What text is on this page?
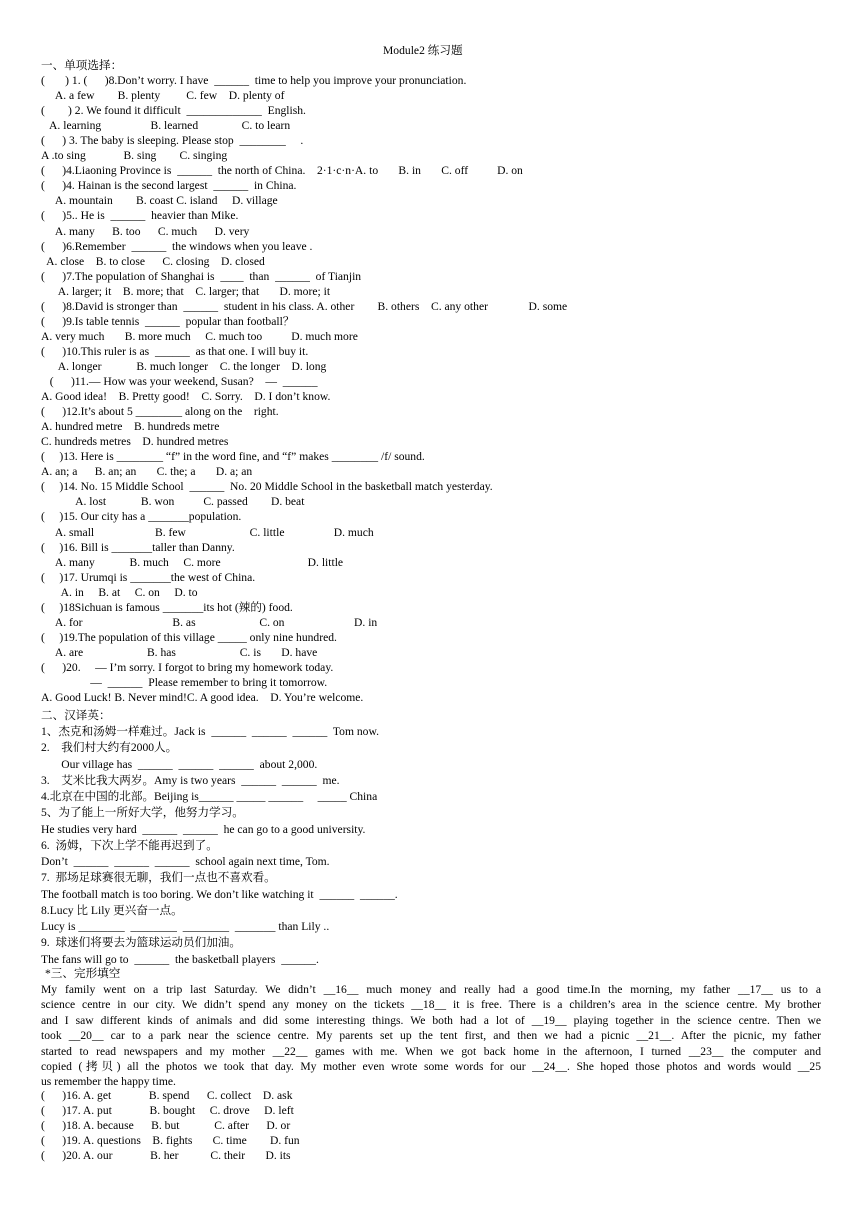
Module2 练习题
一、单项选择：
(       ) 1. (      )8.Don’t worry. I have  ______  time to help you improve your pronunciation.
A. a few        B. plenty         C. few    D. plenty of
(        ) 2. We found it difficult  _____________  English.
A. learning                 B. learned               C. to learn
(      ) 3. The baby is sleeping. Please stop  ________     .
A .to sing             B. sing        C. singing
(      )4.Liaoning Province is  ______  the north of China.    2·1·c·n·A. to       B. in       C. off          D. on
(      )4. Hainan is the second largest  ______  in China.
A. mountain        B. coast C. island     D. village
(      )5.. He is  ______  heavier than Mike.
A. many      B. too      C. much      D. very
(      )6.Remember  ______  the windows when you leave .
A. close    B. to close      C. closing    D. closed
(      )7.The population of Shanghai is  ____  than  ______  of Tianjin
A. larger; it    B. more; that    C. larger; that       D. more; it
(      )8.David is stronger than  ______  student in his class. A. other        B. others    C. any other              D. some
(      )9.Is table tennis  ______  popular than football？
A. very much       B. more much     C. much too          D. much more
(      )10.This ruler is as  ______  as that one. I will buy it.
A. longer            B. much longer    C. the longer    D. long
(      )11.— How was your weekend, Susan?    —  ______
A. Good idea!    B. Pretty good!    C. Sorry.    D. I don’t know.
(      )12.It’s about 5 ________ along on the    right.
A. hundred metre    B. hundreds metre
C. hundreds metres    D. hundred metres
(     )13. Here is ________ “f” in the word fine, and “f” makes ________ /f/ sound.
A. an; a      B. an; an       C. the; a       D. a; an
(     )14. No. 15 Middle School  ______  No. 20 Middle School in the basketball match yesterday.
A. lost            B. won          C. passed        D. beat
(     )15. Our city has a _______population.
A. small                     B. few                      C. little                 D. much
(     )16. Bill is _______taller than Danny.
A. many            B. much     C. more                              D. little
(     )17. Urumqi is _______the west of China.
A. in     B. at     C. on     D. to
(     )18Sichuan is famous _______its hot (辣的) food.
A. for                               B. as                      C. on                        D. in
(     )19.The population of this village _____ only nine hundred.
A. are                      B. has                      C. is       D. have
(      )20.     — I’m sorry. I forgot to bring my homework today.
—  ______  Please remember to bring it tomorrow.
A. Good Luck! B. Never mind!C. A good idea.    D. You’re welcome.
二、汉译英：
1、杰克和汤姆一样难过。Jack is  ______  ______  ______  Tom now.
2.    我们村大约有2000人。
Our village has  ______  ______  ______  about 2,000.
3.    艾米比我大两岁。Amy is two years  ______  ______  me.
4.北京在中国的北部。Beijing is______ _____ ______     _____ China
5、为了能上一所好大学，他努力学习。
He studies very hard  ______  ______  he can go to a good university.
6.  汤姆，下次上学不能再迟到了。
Don’t  ______  ______  ______  school again next time, Tom.
7.  那场足球赛很无聊，我们一点也不喜欢看。
The football match is too boring. We don’t like watching it  ______  ______.
8.Lucy 比 Lily 更兴奋一点。
Lucy is ________  ________  ________  _______ than Lily ..
9.  球迷们将要去为篮球运动员们加油。
The fans will go to  ______  the basketball players  ______.
*三、完形填空
My family went on a trip last Saturday. We didn’t __16__ much money and really had a good time.In the morning, my father __17__ us to a
science centre in our city. We didn’t spend any money on the tickets __18__ it is free. There is a children’s area in the science centre. My brother
and I saw different kinds of animals and did some interesting things. We both had a lot of __19__ playing together in the science centre. Then we
took __20__ car to a park near the science centre. My parents set up the tent first, and then we had a picnic __21__. After the picnic, my father
started to read newspapers and my mother __22__ games with me. When we got back home in the afternoon, I turned __23__ the computer and
copied (拷贝) all the photos we took that day. My mother even wrote some words for our __24__. She hoped those photos and words would __25
us remember the happy time.
(      )16. A. get             B. spend      C. collect    D. ask
(      )17. A. put             B. bought     C. drove     D. left
(      )18. A. because      B. but            C. after      D. or
(      )19. A. questions    B. fights       C. time        D. fun
(      )20. A. our             B. her           C. their       D. its
